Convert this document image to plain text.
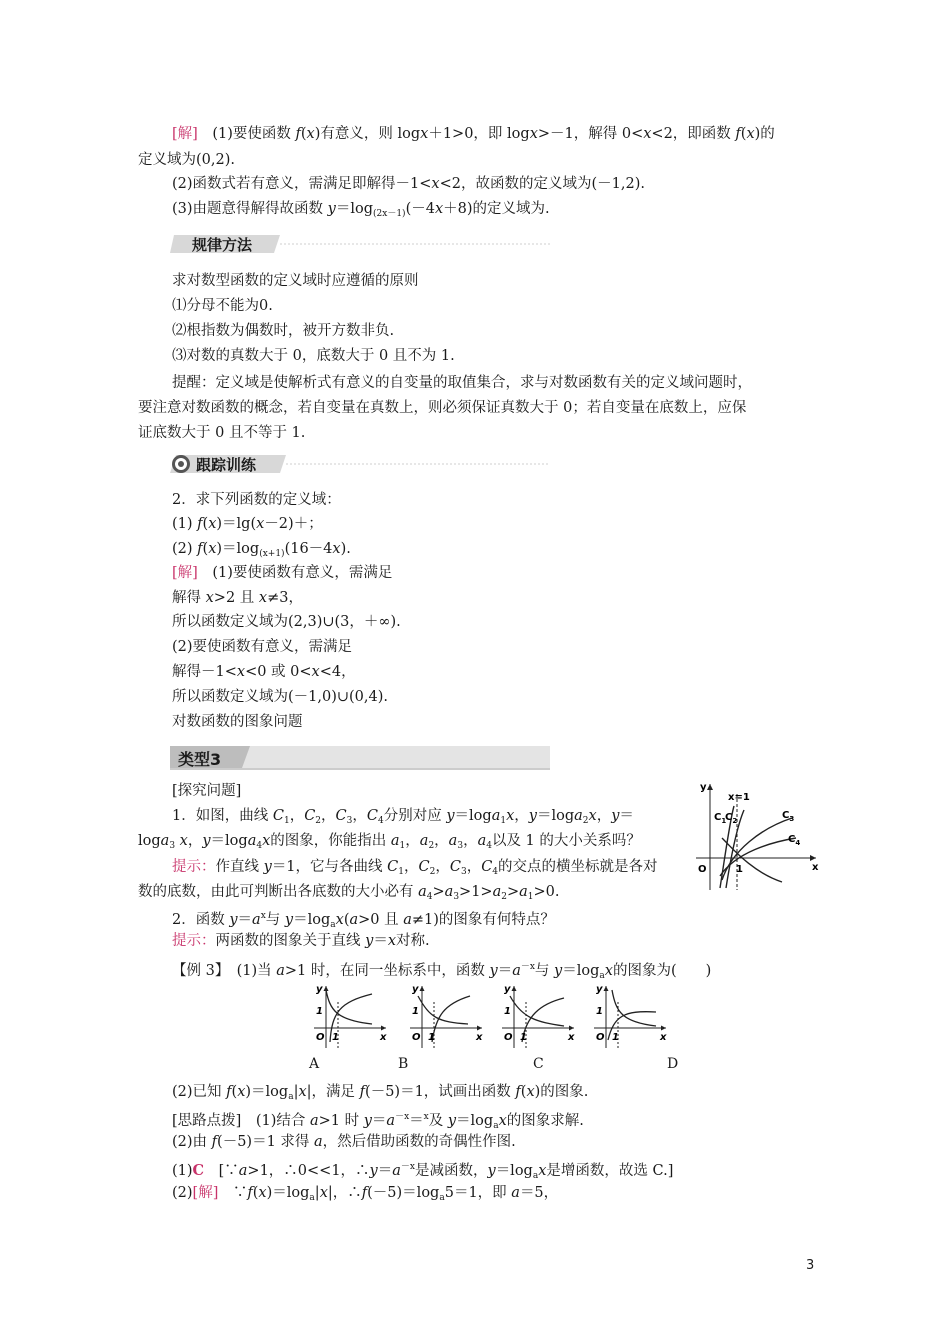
[解]　(1)要使函数 f(x)有意义，则 logx＋1>0，即 logx>－1，解得 0<x<2，即函数 f(x)的
定义域为(0,2).
(2)函数式若有意义，需满足即解得－1<x<2，故函数的定义域为(－1,2).
(3)由题意得解得故函数 $y=\log_{(2x-1)}(-4x+8)$的定义域为.
求对数型函数的定义域时应遵循的原则
⑴分母不能为0.
⑵根指数为偶数时，被开方数非负.
⑶对数的真数大于 0，底数大于 0 且不为 1.
提醒：定义域是使解析式有意义的自变量的取值集合，求与对数函数有关的定义域问题时，
要注意对数函数的概念，若自变量在真数上，则必须保证真数大于 0；若自变量在底数上，应保
证底数大于 0 且不等于 1.
2．求下列函数的定义域：
(1) f(x)＝lg(x－2)＋；
(2) $f(x)=\log_{(x+1)}(16-4x)$.
[解]　(1)要使函数有意义，需满足
解得 x>2 且 x≠3，
所以函数定义域为(2,3)∪(3，＋∞).
(2)要使函数有意义，需满足
解得－1<x<0 或 0<x<4，
所以函数定义域为(－1,0)∪(0,4).
对数函数的图象问题
[探究问题]
1．如图，曲线 $C_1$，$C_2$，$C_3$，$C_4$分别对应 y＝loga$_1$x，y＝loga$_2$x，y＝
loga$_3$ x，y＝loga$_4$x的图象，你能指出 $a_1$，$a_2$，$a_3$，$a_4$以及 1 的大小关系吗？
提示：作直线 y＝1，它与各曲线 $C_1$，$C_2$，$C_3$，$C_4$的交点的横坐标就是各对
数的底数，由此可判断出各底数的大小必有 $a_4>a_3>1>a_2>a_1>0$.
2．函数 $y=a^x$与 $y=\log_ax(a>0$ 且 a≠1)的图象有何特点？
提示：两函数的图象关于直线 y＝x对称.
【例 3】　(1)当 a>1 时，在同一坐标系中，函数 $y=a^{-x}$与 $y=\log_ax$的图象为(　　)
(2)已知 $f(x)=\log_a|x|$，满足 f(－5)＝1，试画出函数 f(x)的图象.
[思路点拨]　(1)结合 a>1 时 $y=a^{-x}=^x$及 $y=\log_ax$的图象求解.
(2)由 f(－5)＝1 求得 a，然后借助函数的奇偶性作图.
(1)C　[∵a>1，∴0<<1，$\therefore y=a^{-x}$是减函数，$y=\log_ax$是增函数，故选 C.]
(2)[解]　$\because f(x)=\log_a|x|$，$\therefore f(-5)=\log_a5=1$，即 a＝5，
规律方法
跟踪训练
类型3
y
x
O	1
x=1
$C_1$
$C_2$	$C_3$
$C_4$
y
1
O 1	x
y
1
O 1	x
y
1
O 1	x
y
1
O 1	x
A	B	C	D
3
